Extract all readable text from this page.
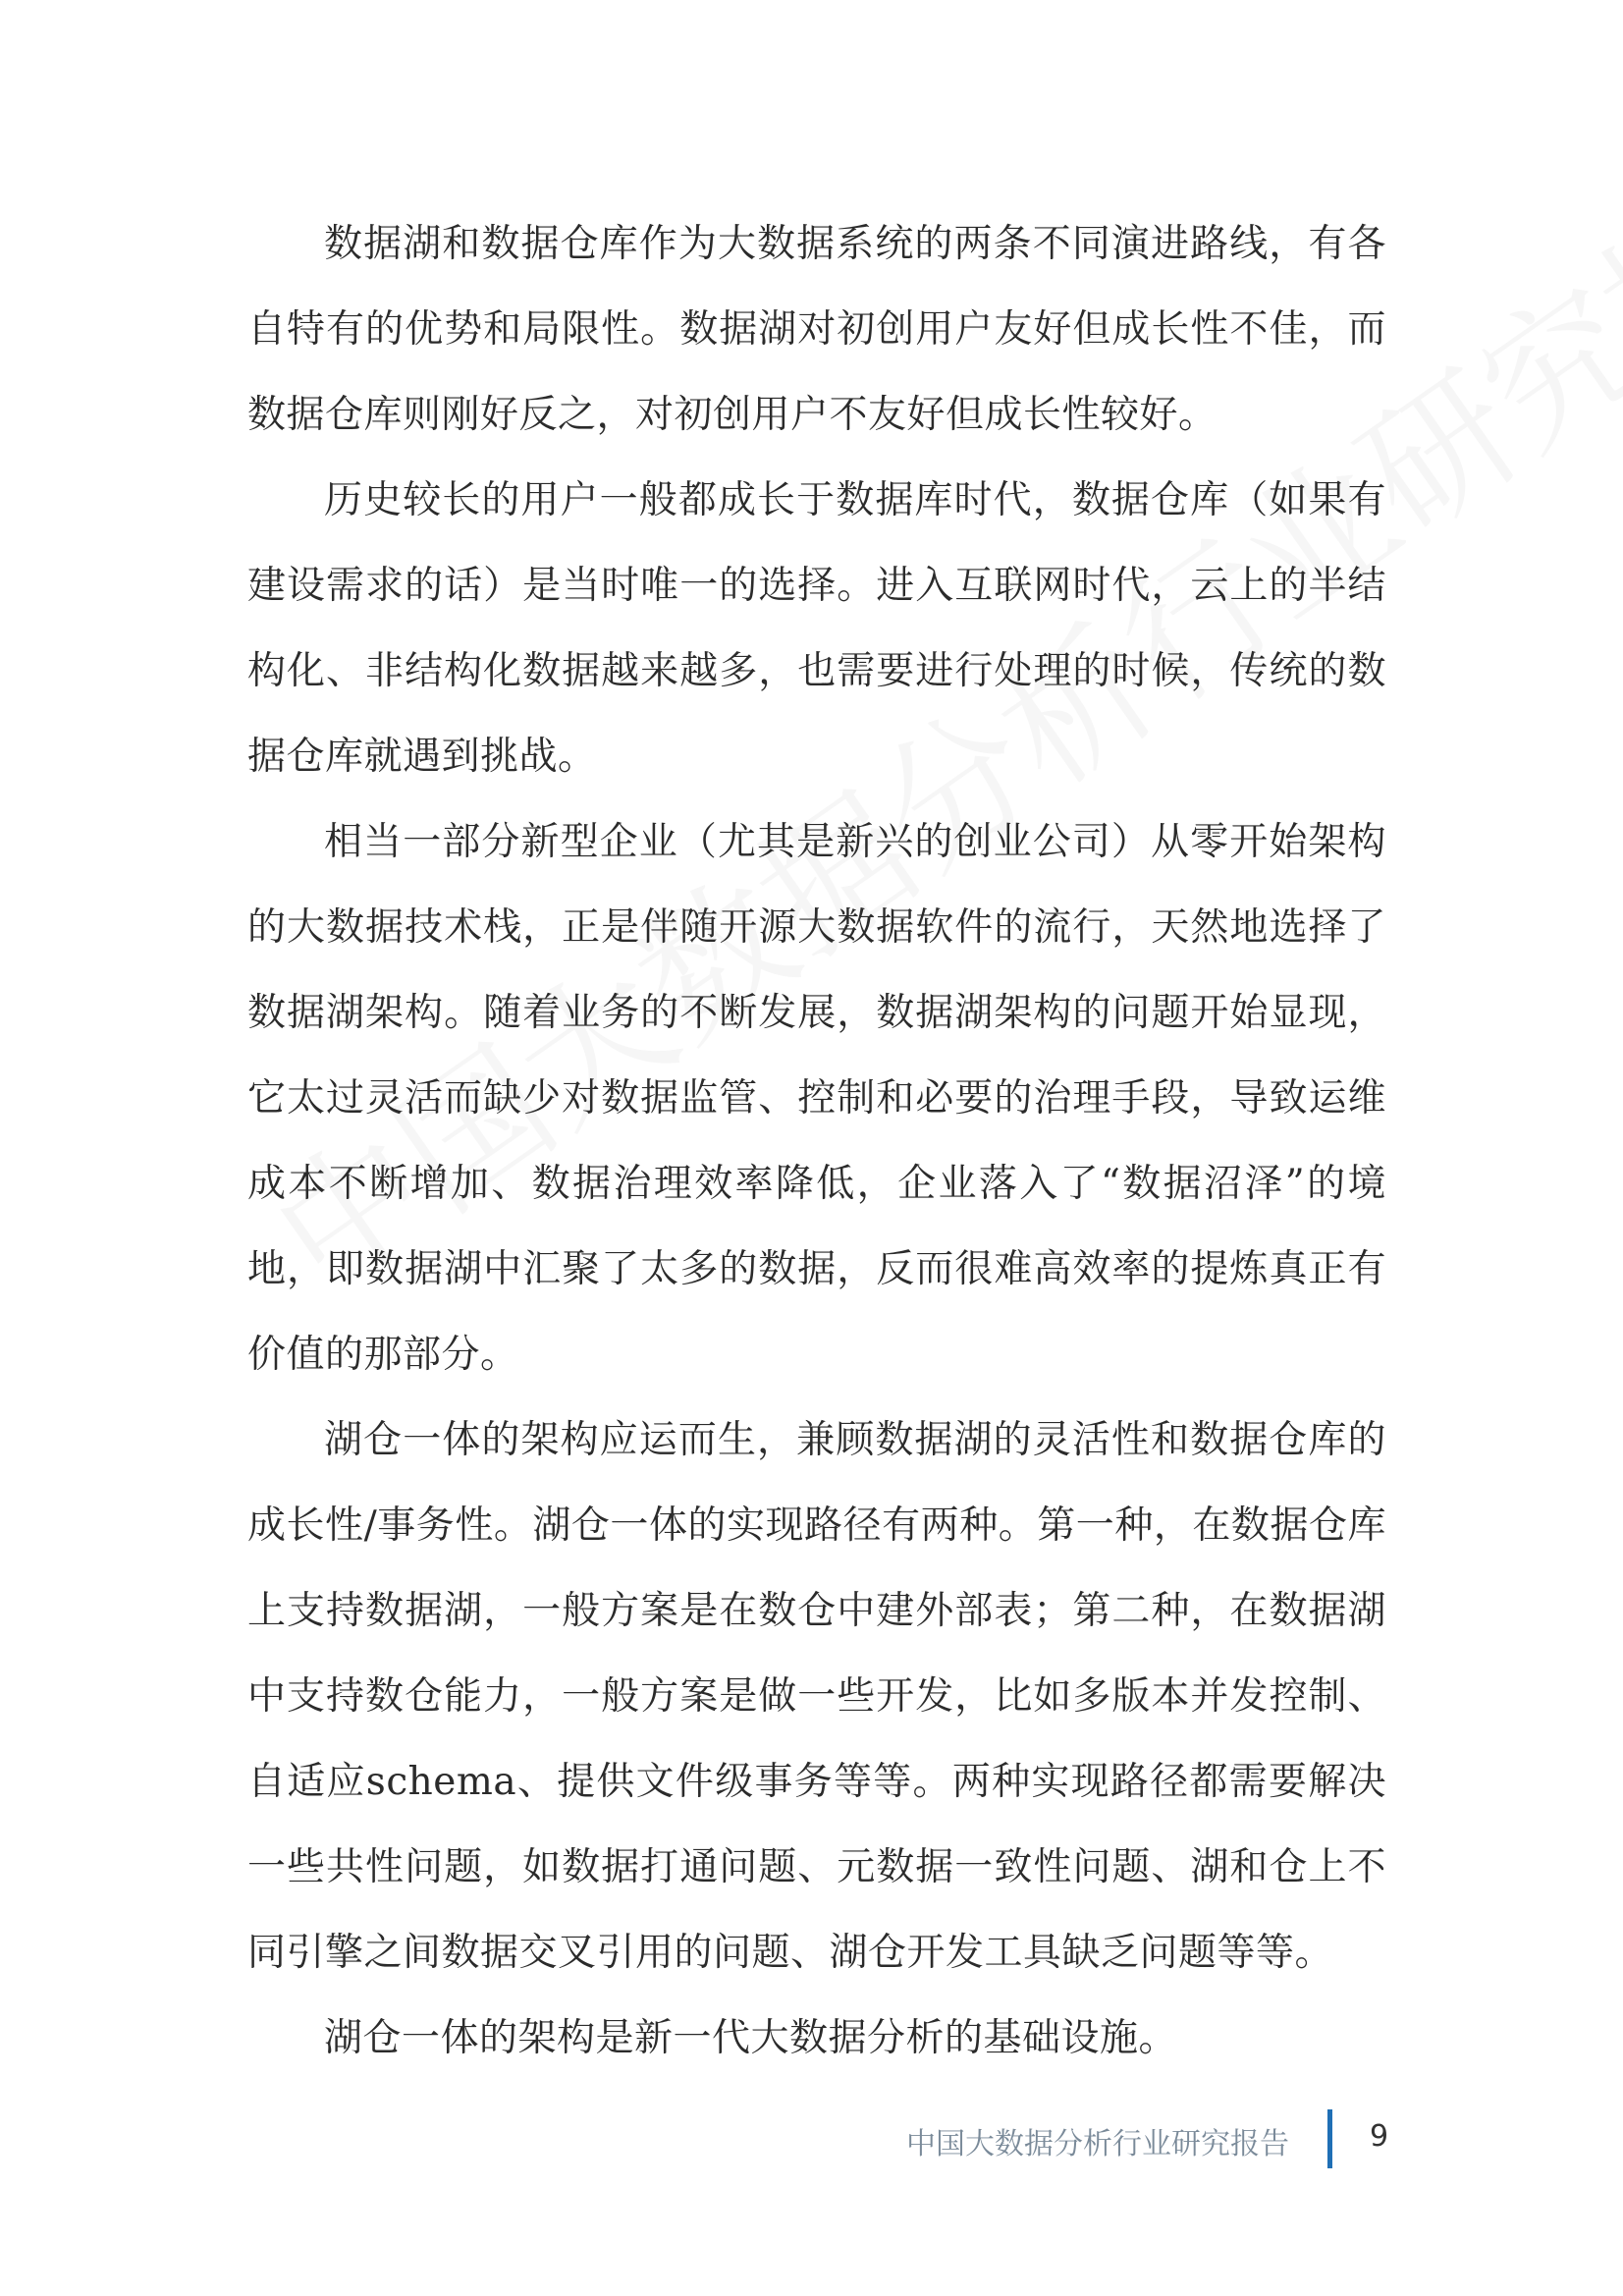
数据湖和数据仓库作为大数据系统的两条不同演进路线，有各自特有的优势和局限性。数据湖对初创用户友好但成长性不佳，而数据仓库则刚好反之，对初创用户不友好但成长性较好。

历史较长的用户一般都成长于数据库时代，数据仓库（如果有建设需求的话）是当时唯一的选择。进入互联网时代，云上的半结构化、非结构化数据越来越多，也需要进行处理的时候，传统的数据仓库就遇到挑战。

相当一部分新型企业（尤其是新兴的创业公司）从零开始架构的大数据技术栈，正是伴随开源大数据软件的流行，天然地选择了数据湖架构。随着业务的不断发展，数据湖架构的问题开始显现，它太过灵活而缺少对数据监管、控制和必要的治理手段，导致运维成本不断增加、数据治理效率降低，企业落入了“数据沼泽”的境地，即数据湖中汇聚了太多的数据，反而很难高效率的提炼真正有价值的那部分。

湖仓一体的架构应运而生，兼顾数据湖的灵活性和数据仓库的成长性/事务性。湖仓一体的实现路径有两种。第一种，在数据仓库上支持数据湖，一般方案是在数仓中建外部表；第二种，在数据湖中支持数仓能力，一般方案是做一些开发，比如多版本并发控制、自适应schema、提供文件级事务等等。两种实现路径都需要解决一些共性问题，如数据打通问题、元数据一致性问题、湖和仓上不同引擎之间数据交叉引用的问题、湖仓开发工具缺乏问题等等。

湖仓一体的架构是新一代大数据分析的基础设施。

中国大数据分析行业研究报告	9
